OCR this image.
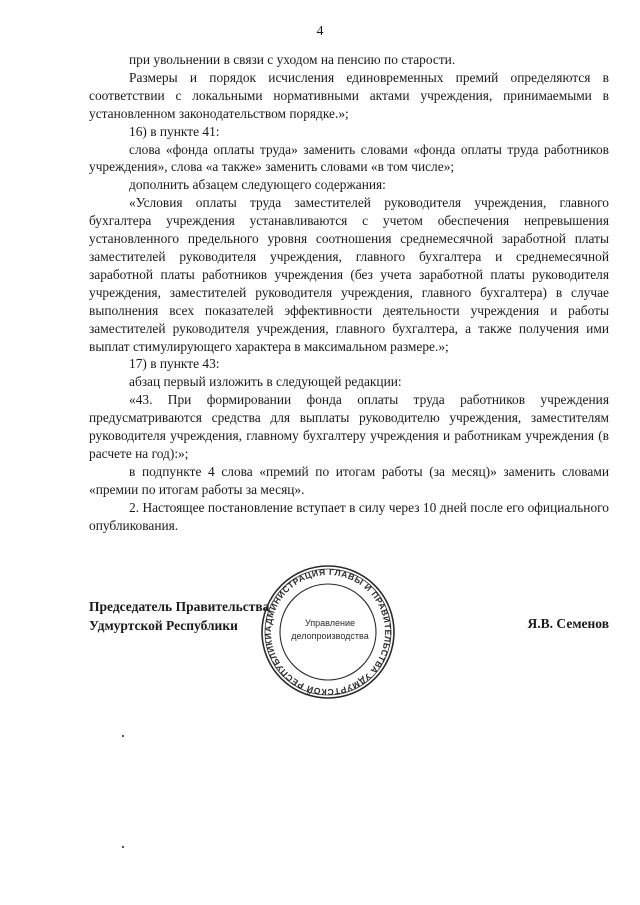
4

при увольнении в связи с уходом на пенсию по старости.

Размеры и порядок исчисления единовременных премий определяются в соответствии с локальными нормативными актами учреждения, принимаемыми в установленном законодательством порядке.»;

16) в пункте 41:

слова «фонда оплаты труда» заменить словами «фонда оплаты труда работников учреждения», слова «а также» заменить словами «в том числе»;

дополнить абзацем следующего содержания:

«Условия оплаты труда заместителей руководителя учреждения, главного бухгалтера учреждения устанавливаются с учетом обеспечения непревышения установленного предельного уровня соотношения среднемесячной заработной платы заместителей руководителя учреждения, главного бухгалтера и среднемесячной заработной платы работников учреждения (без учета заработной платы руководителя учреждения, заместителей руководителя учреждения, главного бухгалтера) в случае выполнения всех показателей эффективности деятельности учреждения и работы заместителей руководителя учреждения, главного бухгалтера, а также получения ими выплат стимулирующего характера в максимальном размере.»;

17) в пункте 43:

абзац первый изложить в следующей редакции:

«43. При формировании фонда оплаты труда работников учреждения предусматриваются средства для выплаты руководителю учреждения, заместителям руководителя учреждения, главному бухгалтеру учреждения и работникам учреждения (в расчете на год):»;

в подпункте 4 слова «премий по итогам работы (за месяц)» заменить словами «премии по итогам работы за месяц».

2. Настоящее постановление вступает в силу через 10 дней после его официального опубликования.

Председатель Правительства
Удмуртской Республики	Я.В. Семенов
АДМИНИСТРАЦИЯ ГЛАВЫ И ПРАВИТЕЛЬСТВА УДМУРТСКОЙ РЕСПУБЛИКИ
Управление
делопроизводства
